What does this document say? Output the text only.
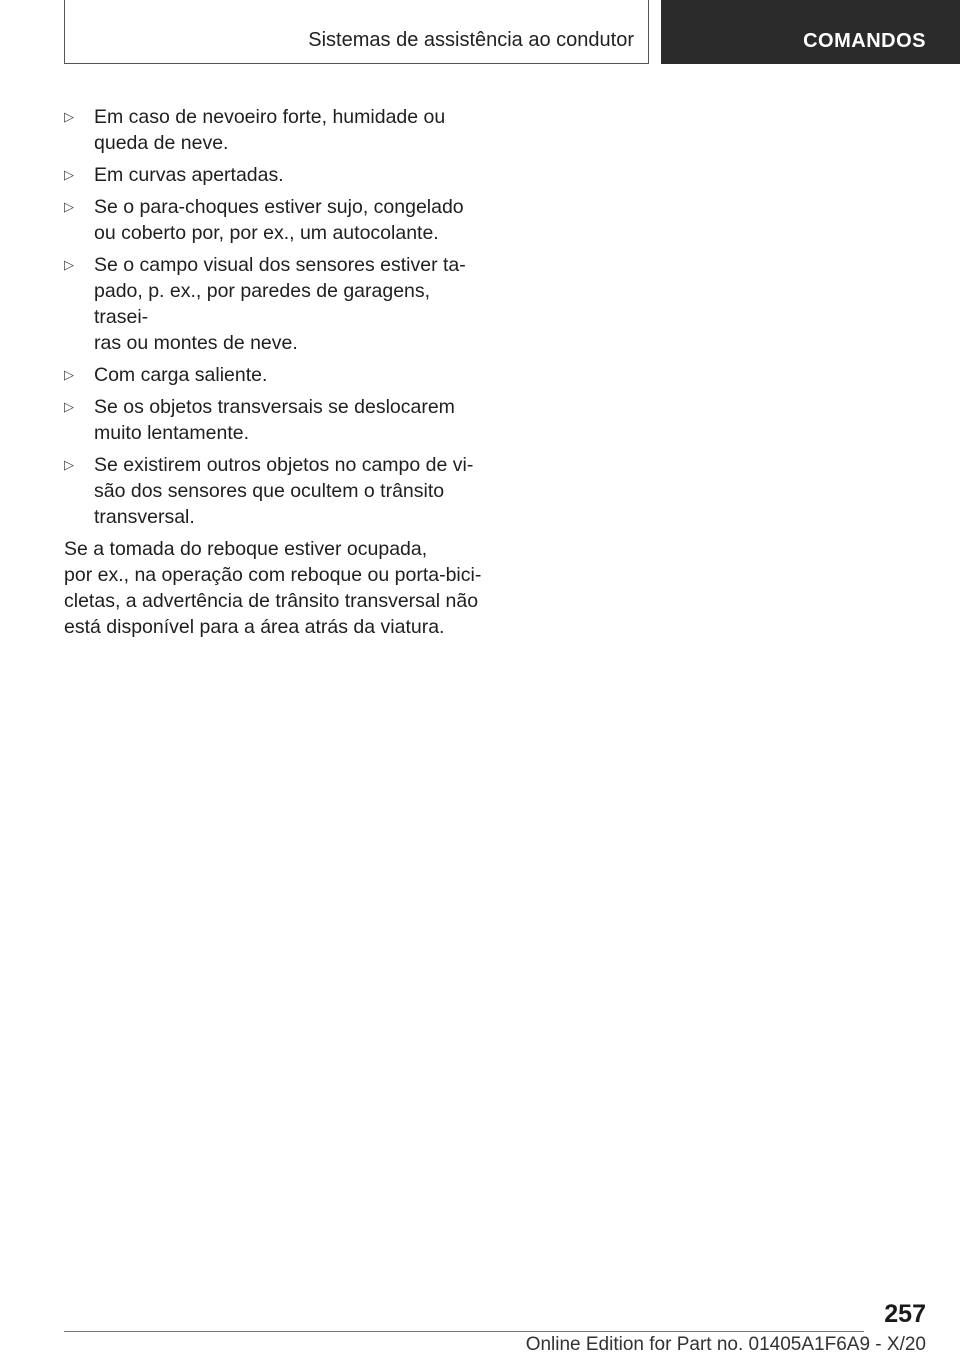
Sistemas de assistência ao condutor	COMANDOS
▷	Em caso de nevoeiro forte, humidade ou
queda de neve.
▷	Em curvas apertadas.
▷	Se o para-choques estiver sujo, congelado
ou coberto por, por ex., um autocolante.
▷	Se o campo visual dos sensores estiver ta-
pado, p. ex., por paredes de garagens, trasei-
ras ou montes de neve.
▷	Com carga saliente.
▷	Se os objetos transversais se deslocarem
muito lentamente.
▷	Se existirem outros objetos no campo de vi-
são dos sensores que ocultem o trânsito
transversal.
Se a tomada do reboque estiver ocupada,
por ex., na operação com reboque ou porta-bici-
cletas, a advertência de trânsito transversal não
está disponível para a área atrás da viatura.
257
Online Edition for Part no. 01405A1F6A9 - X/20
